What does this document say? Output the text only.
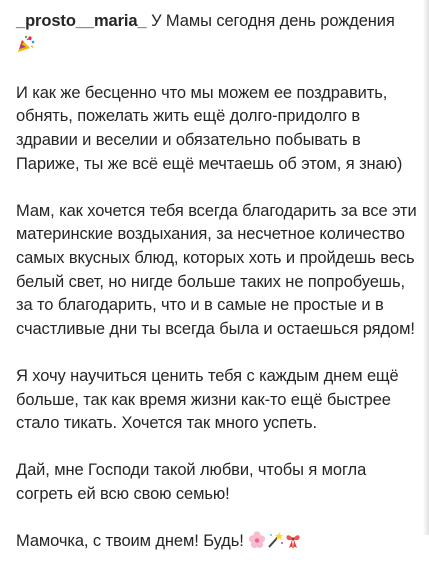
_prosto__maria_ У Мамы сегодня день рождения

И как же бесценно что мы можем ее поздравить, обнять, пожелать жить ещё долго-придолго в здравии и веселии и обязательно побывать в Париже, ты же всё ещё мечтаешь об этом, я знаю)

Мам, как хочется тебя всегда благодарить за все эти материнские воздыхания, за несчетное количество самых вкусных блюд, которых хоть и пройдешь весь белый свет, но нигде больше таких не попробуешь, за то благодарить, что и в самые не простые и в счастливые дни ты всегда была и остаешься рядом!

Я хочу научиться ценить тебя с каждым днем ещё больше, так как время жизни как-то ещё быстрее стало тикать. Хочется так много успеть.

Дай, мне Господи такой любви, чтобы я могла согреть ей всю свою семью!

Мамочка, с твоим днем! Будь!
